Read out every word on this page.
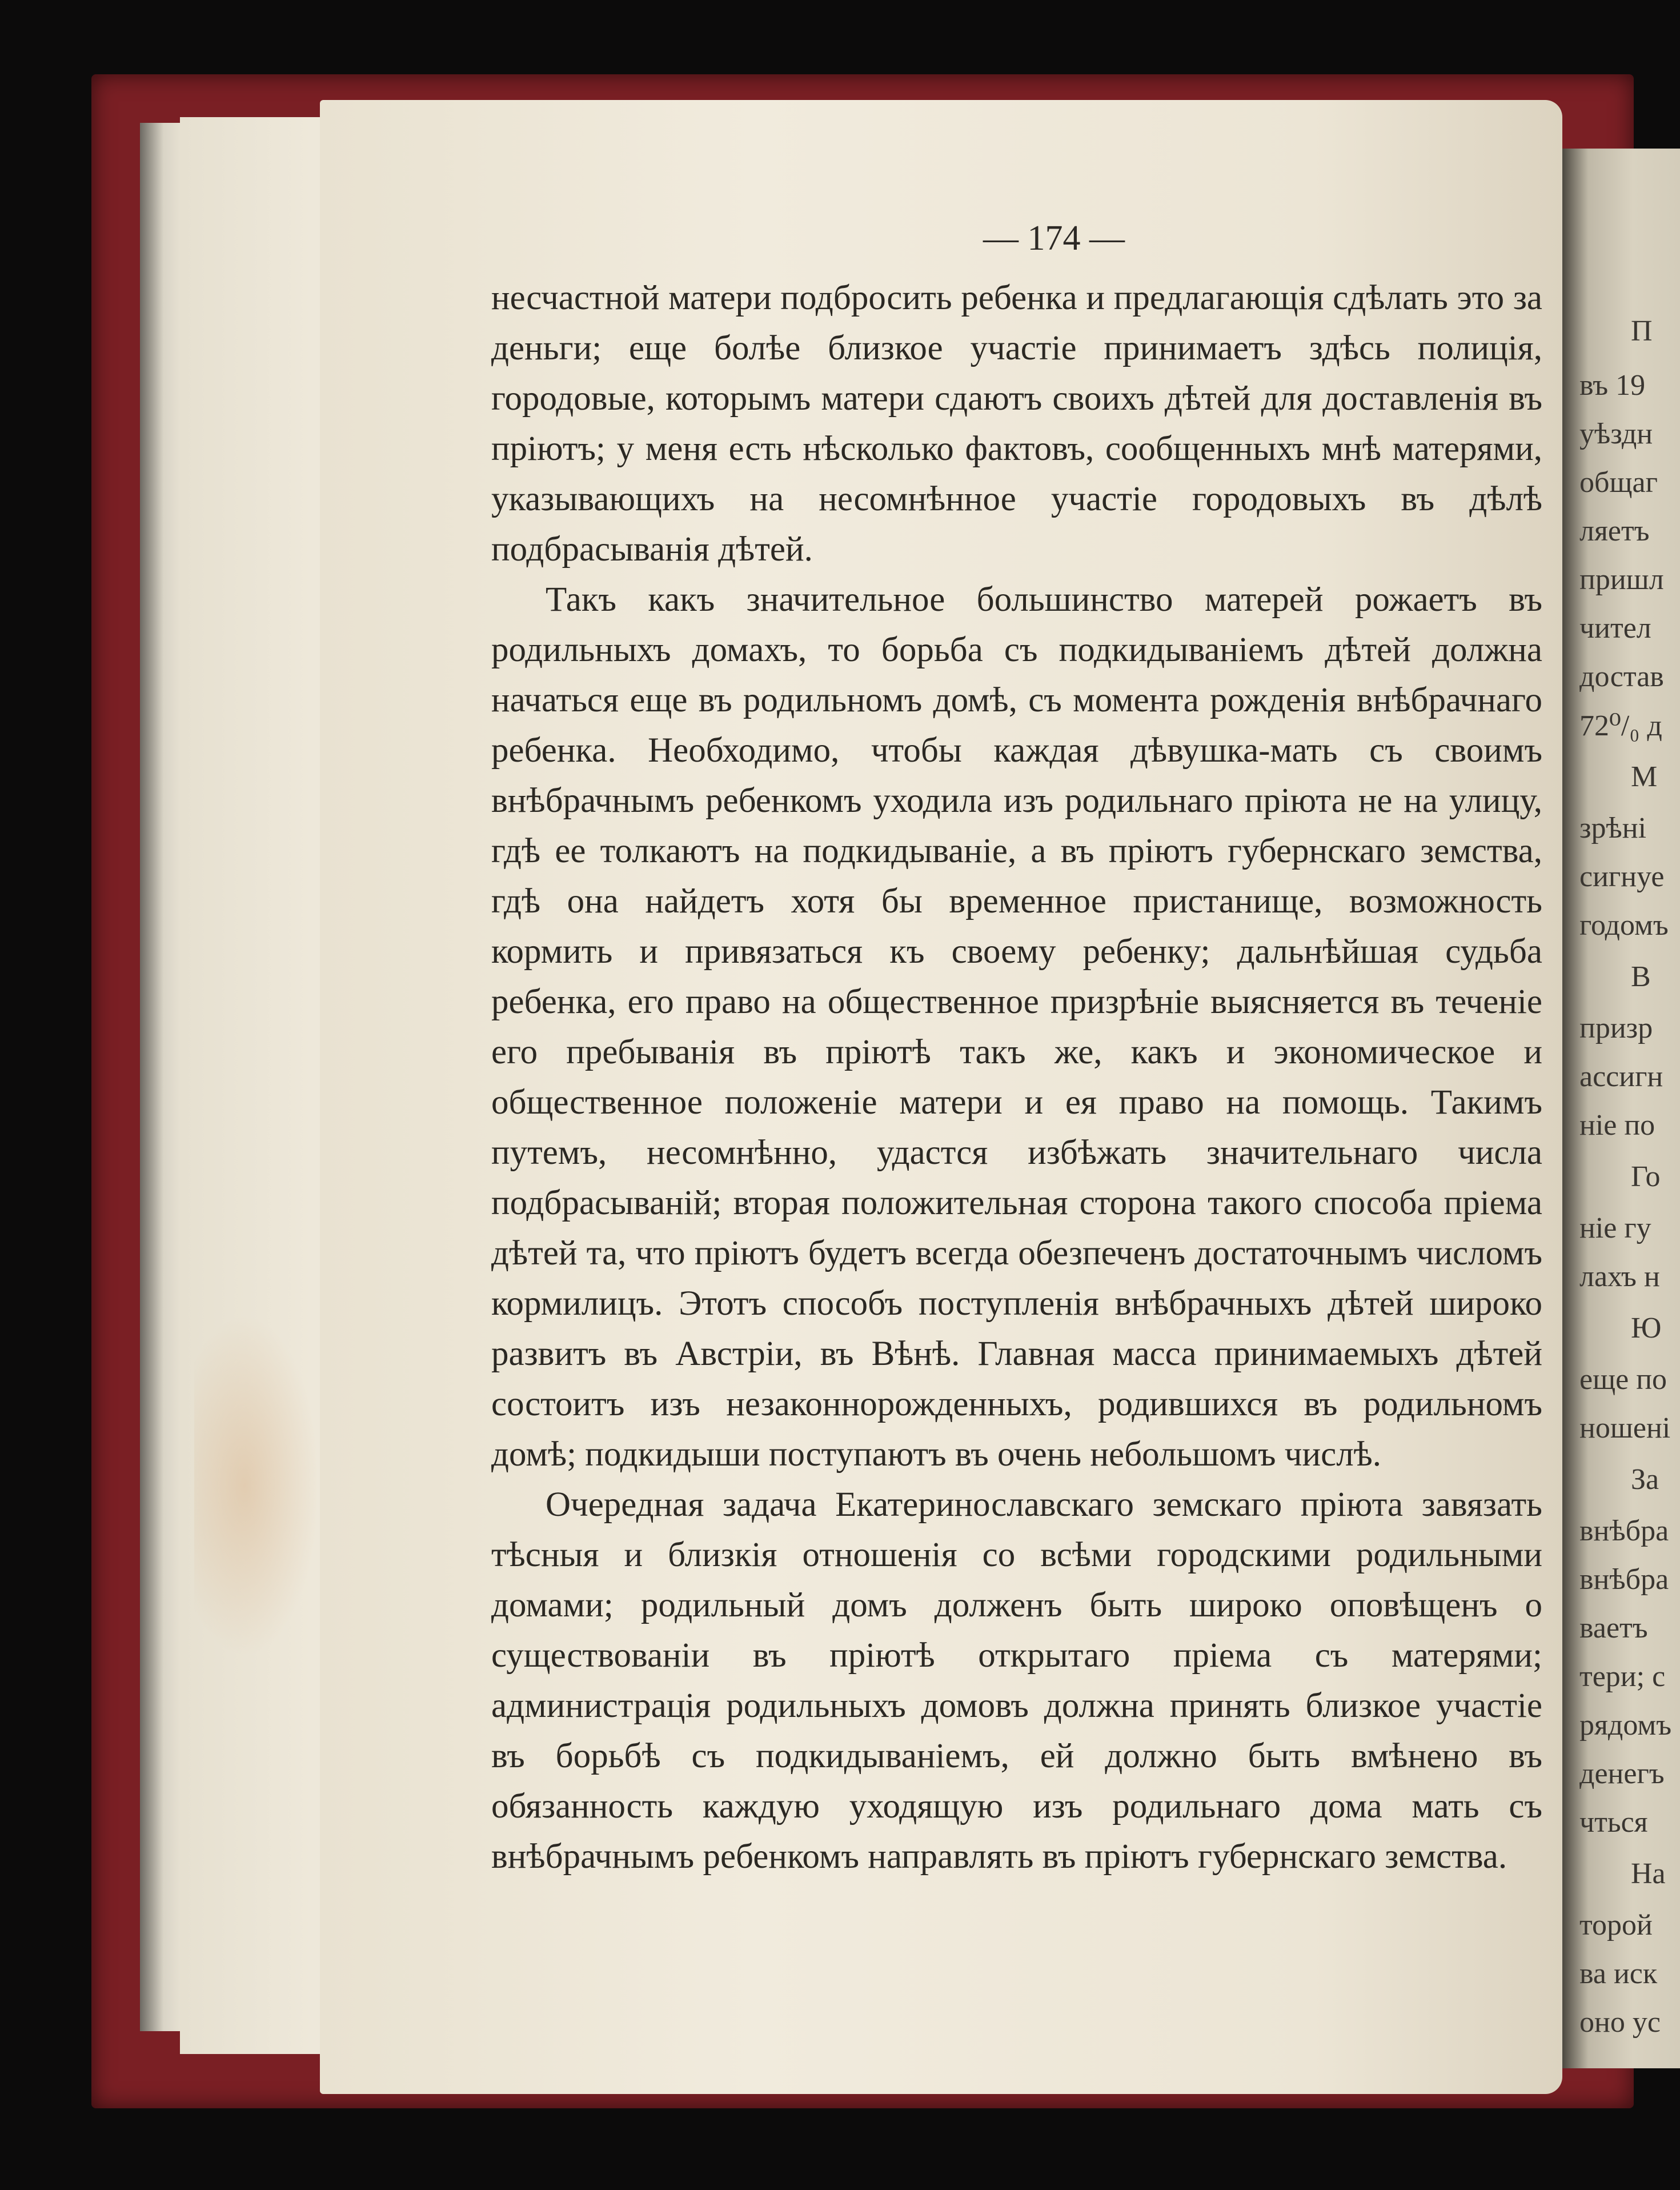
— 174 —

несчастной матери подбросить ребенка и предлагающія сдѣлать это за деньги; еще болѣе близкое участіе принимаетъ здѣсь полиція, городовые, которымъ матери сдаютъ своихъ дѣтей для доставленія въ пріютъ; у меня есть нѣсколько фактовъ, сообщенныхъ мнѣ матерями, указывающихъ на несомнѣнное участіе городовыхъ въ дѣлѣ подбрасыванія дѣтей.

Такъ какъ значительное большинство матерей рожаетъ въ родильныхъ домахъ, то борьба съ подкидываніемъ дѣтей должна начаться еще въ родильномъ домѣ, съ момента рожденія внѣбрачнаго ребенка. Необходимо, чтобы каждая дѣвушка-мать съ своимъ внѣбрачнымъ ребенкомъ уходила изъ родильнаго пріюта не на улицу, гдѣ ее толкаютъ на подкидываніе, а въ пріютъ губернскаго земства, гдѣ она найдетъ хотя бы временное пристанище, возможность кормить и привязаться къ своему ребенку; дальнѣйшая судьба ребенка, его право на общественное призрѣніе выясняется въ теченіе его пребыванія въ пріютѣ такъ же, какъ и экономическое и общественное положеніе матери и ея право на помощь. Такимъ путемъ, несомнѣнно, удастся избѣжать значительнаго числа подбрасываній; вторая положительная сторона такого способа пріема дѣтей та, что пріютъ будетъ всегда обезпеченъ достаточнымъ числомъ кормилицъ. Этотъ способъ поступленія внѣбрачныхъ дѣтей широко развитъ въ Австріи, въ Вѣнѣ. Главная масса принимаемыхъ дѣтей состоитъ изъ незаконнорожденныхъ, родившихся въ родильномъ домѣ; подкидыши поступаютъ въ очень небольшомъ числѣ.

Очередная задача Екатеринославскаго земскаго пріюта завязать тѣсныя и близкія отношенія со всѣми городскими родильными домами; родильный домъ долженъ быть широко оповѣщенъ о существованіи въ пріютѣ открытаго пріема съ матерями; администрація родильныхъ домовъ должна принять близкое участіе въ борьбѣ съ подкидываніемъ, ей должно быть вмѣнено въ обязанность каждую уходящую изъ родильнаго дома мать съ внѣбрачнымъ ребенкомъ направлять въ пріютъ губернскаго земства.

П
въ 19
уѣздн
общаг
ляетъ
пришл
чител
достав
72⁰/₀ д
М
зрѣні
сигнуе
годомъ
В
призр
ассигн
ніе по
Го
ніе гу
лахъ н
Ю
еще по
ношені
За
внѣбра
внѣбра
ваетъ
тери; с
рядомъ
денегъ
чться
На
торой
ва иск
оно ус
